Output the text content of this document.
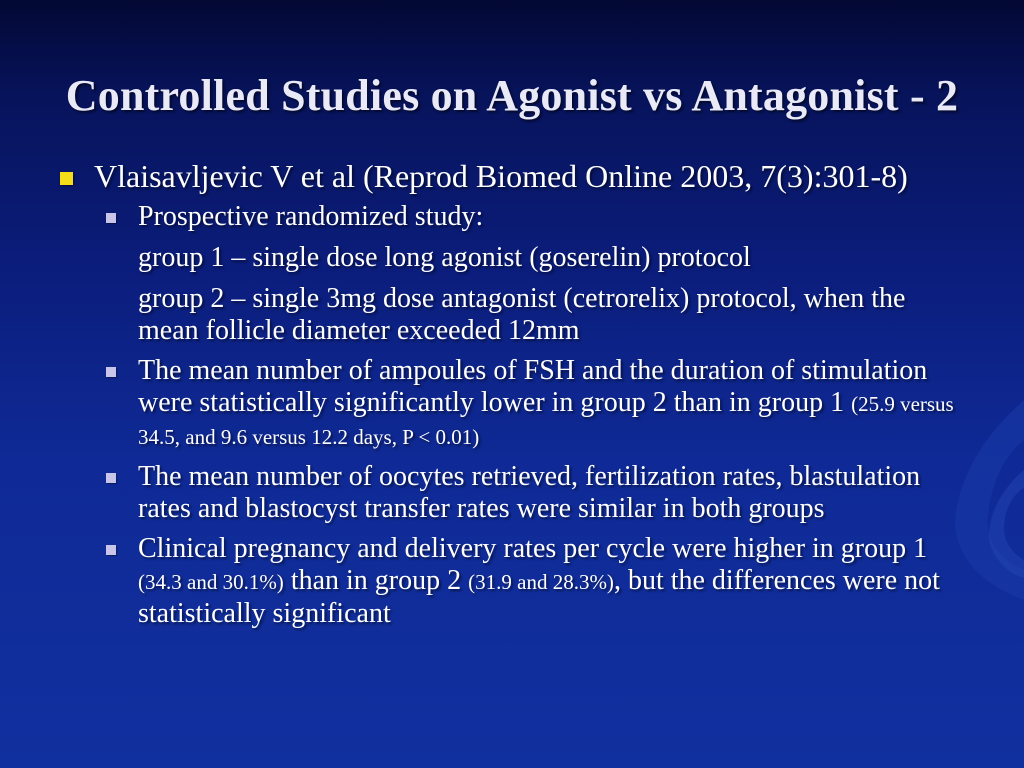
Controlled Studies on Agonist vs Antagonist - 2
Vlaisavljevic V et al (Reprod Biomed Online 2003, 7(3):301-8)
Prospective randomized study:
group 1 – single dose long agonist (goserelin) protocol
group 2 – single 3mg dose antagonist (cetrorelix) protocol, when the mean follicle diameter exceeded 12mm
The mean number of ampoules of FSH and the duration of stimulation were statistically significantly lower in group 2 than in group 1 (25.9 versus 34.5, and 9.6 versus 12.2 days, P < 0.01)
The mean number of oocytes retrieved, fertilization rates, blastulation rates and blastocyst transfer rates were similar in both groups
Clinical pregnancy and delivery rates per cycle were higher in group 1 (34.3 and 30.1%) than in group 2 (31.9 and 28.3%), but the differences were not statistically significant
